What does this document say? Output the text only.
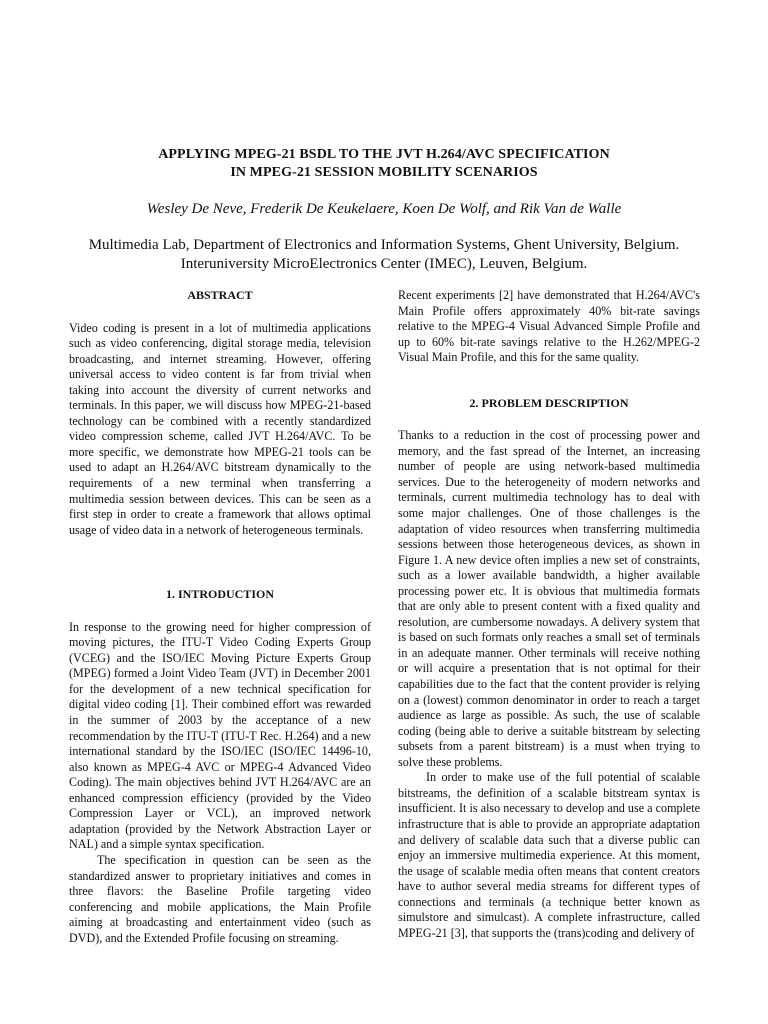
APPLYING MPEG-21 BSDL TO THE JVT H.264/AVC SPECIFICATION
IN MPEG-21 SESSION MOBILITY SCENARIOS
Wesley De Neve, Frederik De Keukelaere, Koen De Wolf, and Rik Van de Walle
Multimedia Lab, Department of Electronics and Information Systems, Ghent University, Belgium.
Interuniversity MicroElectronics Center (IMEC), Leuven, Belgium.

ABSTRACT

Video coding is present in a lot of multimedia applications such as video conferencing, digital storage media, television broadcasting, and internet streaming. However, offering universal access to video content is far from trivial when taking into account the diversity of current networks and terminals. In this paper, we will discuss how MPEG-21-based technology can be combined with a recently standardized video compression scheme, called JVT H.264/AVC. To be more specific, we demonstrate how MPEG-21 tools can be used to adapt an H.264/AVC bitstream dynamically to the requirements of a new terminal when transferring a multimedia session between devices. This can be seen as a first step in order to create a framework that allows optimal usage of video data in a network of heterogeneous terminals.

1. INTRODUCTION

In response to the growing need for higher compression of moving pictures, the ITU-T Video Coding Experts Group (VCEG) and the ISO/IEC Moving Picture Experts Group (MPEG) formed a Joint Video Team (JVT) in December 2001 for the development of a new technical specification for digital video coding [1]. Their combined effort was rewarded in the summer of 2003 by the acceptance of a new recommendation by the ITU-T (ITU-T Rec. H.264) and a new international standard by the ISO/IEC (ISO/IEC 14496-10, also known as MPEG-4 AVC or MPEG-4 Advanced Video Coding). The main objectives behind JVT H.264/AVC are an enhanced compression efficiency (provided by the Video Compression Layer or VCL), an improved network adaptation (provided by the Network Abstraction Layer or NAL) and a simple syntax specification.

The specification in question can be seen as the standardized answer to proprietary initiatives and comes in three flavors: the Baseline Profile targeting video conferencing and mobile applications, the Main Profile aiming at broadcasting and entertainment video (such as DVD), and the Extended Profile focusing on streaming.

Recent experiments [2] have demonstrated that H.264/AVC's Main Profile offers approximately 40% bit-rate savings relative to the MPEG-4 Visual Advanced Simple Profile and up to 60% bit-rate savings relative to the H.262/MPEG-2 Visual Main Profile, and this for the same quality.

2. PROBLEM DESCRIPTION

Thanks to a reduction in the cost of processing power and memory, and the fast spread of the Internet, an increasing number of people are using network-based multimedia services. Due to the heterogeneity of modern networks and terminals, current multimedia technology has to deal with some major challenges. One of those challenges is the adaptation of video resources when transferring multimedia sessions between those heterogeneous devices, as shown in Figure 1. A new device often implies a new set of constraints, such as a lower available bandwidth, a higher available processing power etc. It is obvious that multimedia formats that are only able to present content with a fixed quality and resolution, are cumbersome nowadays. A delivery system that is based on such formats only reaches a small set of terminals in an adequate manner. Other terminals will receive nothing or will acquire a presentation that is not optimal for their capabilities due to the fact that the content provider is relying on a (lowest) common denominator in order to reach a target audience as large as possible. As such, the use of scalable coding (being able to derive a suitable bitstream by selecting subsets from a parent bitstream) is a must when trying to solve these problems.

In order to make use of the full potential of scalable bitstreams, the definition of a scalable bitstream syntax is insufficient. It is also necessary to develop and use a complete infrastructure that is able to provide an appropriate adaptation and delivery of scalable data such that a diverse public can enjoy an immersive multimedia experience. At this moment, the usage of scalable media often means that content creators have to author several media streams for different types of connections and terminals (a technique better known as simulstore and simulcast). A complete infrastructure, called MPEG-21 [3], that supports the (trans)coding and delivery of
